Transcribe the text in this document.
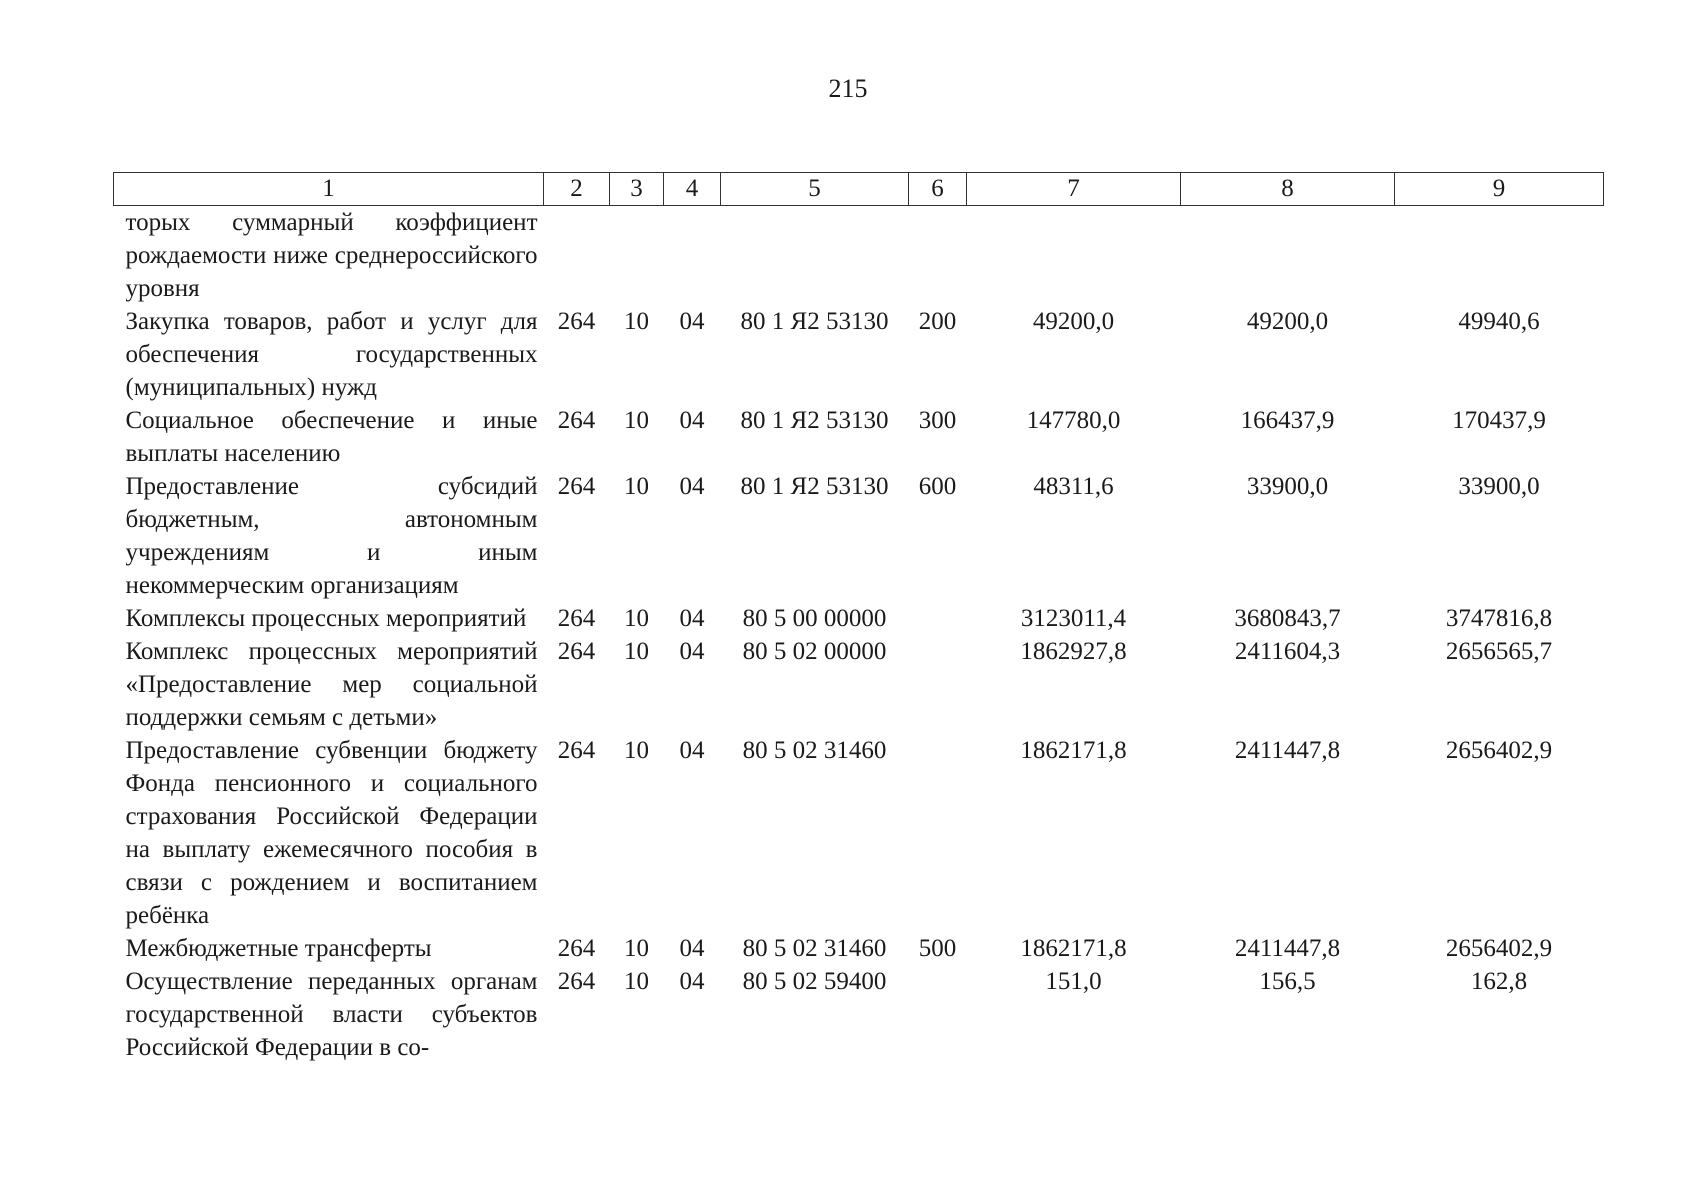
215
1	2	3	4	5	6	7	8	9
торых суммарный коэффициент рождаемости ниже среднероссийского уровня								
Закупка товаров, работ и услуг для обеспечения государственных (муниципальных) нужд	264	10	04	80 1 Я2 53130	200	49200,0	49200,0	49940,6
Социальное обеспечение и иные выплаты населению	264	10	04	80 1 Я2 53130	300	147780,0	166437,9	170437,9
Предоставление субсидий бюджетным, автономным учреждениям и иным некоммерческим организациям	264	10	04	80 1 Я2 53130	600	48311,6	33900,0	33900,0
Комплексы процессных мероприятий	264	10	04	80 5 00 00000		3123011,4	3680843,7	3747816,8
Комплекс процессных мероприятий «Предоставление мер социальной поддержки семьям с детьми»	264	10	04	80 5 02 00000		1862927,8	2411604,3	2656565,7
Предоставление субвенции бюджету Фонда пенсионного и социального страхования Российской Федерации на выплату ежемесячного пособия в связи с рождением и воспитанием ребёнка	264	10	04	80 5 02 31460		1862171,8	2411447,8	2656402,9
Межбюджетные трансферты	264	10	04	80 5 02 31460	500	1862171,8	2411447,8	2656402,9
Осуществление переданных органам государственной власти субъектов Российской Федерации в со-	264	10	04	80 5 02 59400		151,0	156,5	162,8
